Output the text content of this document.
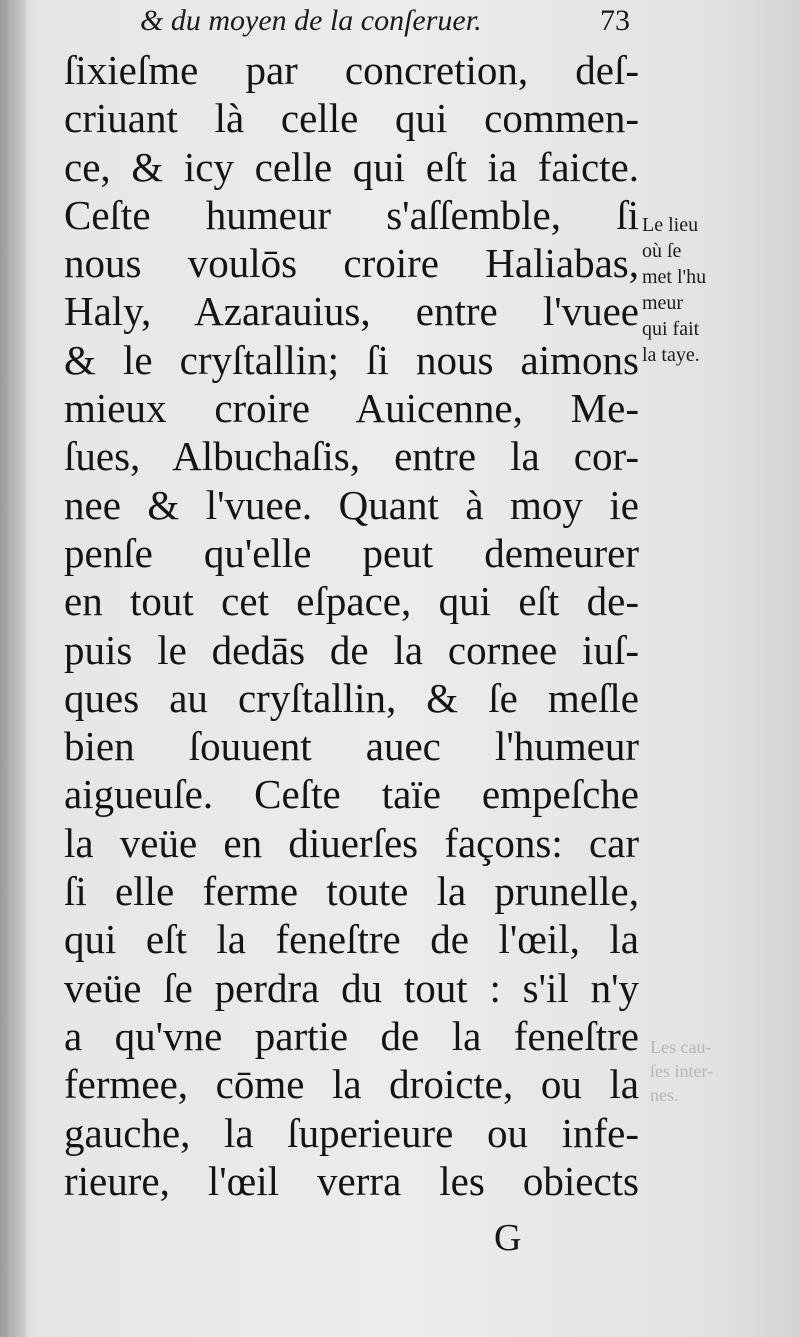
& du moyen de la conſeruer.	73
ſixieſme par concretion, deſ-
criuant là celle qui commen-
ce, & icy celle qui eſt ia faicte.
Ceſte humeur s'aſſemble, ſi
nous voulōs croire Haliabas,
Haly, Azarauius, entre l'vuee
& le cryſtallin; ſi nous aimons
mieux croire Auicenne, Me-
ſues, Albuchaſis, entre la cor-
nee & l'vuee. Quant à moy ie
penſe qu'elle peut demeurer
en tout cet eſpace, qui eſt de-
puis le dedās de la cornee iuſ-
ques au cryſtallin, & ſe meſle
bien ſouuent auec l'humeur
aigueuſe. Ceſte taïe empeſche
la veüe en diuerſes façons: car
ſi elle ferme toute la prunelle,
qui eſt la feneſtre de l'œil, la
veüe ſe perdra du tout : s'il n'y
a qu'vne partie de la feneſtre
fermee, cōme la droicte, ou la
gauche, la ſuperieure ou infe-
rieure, l'œil verra les obiects
Le lieu
où ſe
met l'hu
meur
qui fait
la taye.
Les cau-
ſes inter-
nes.
G
